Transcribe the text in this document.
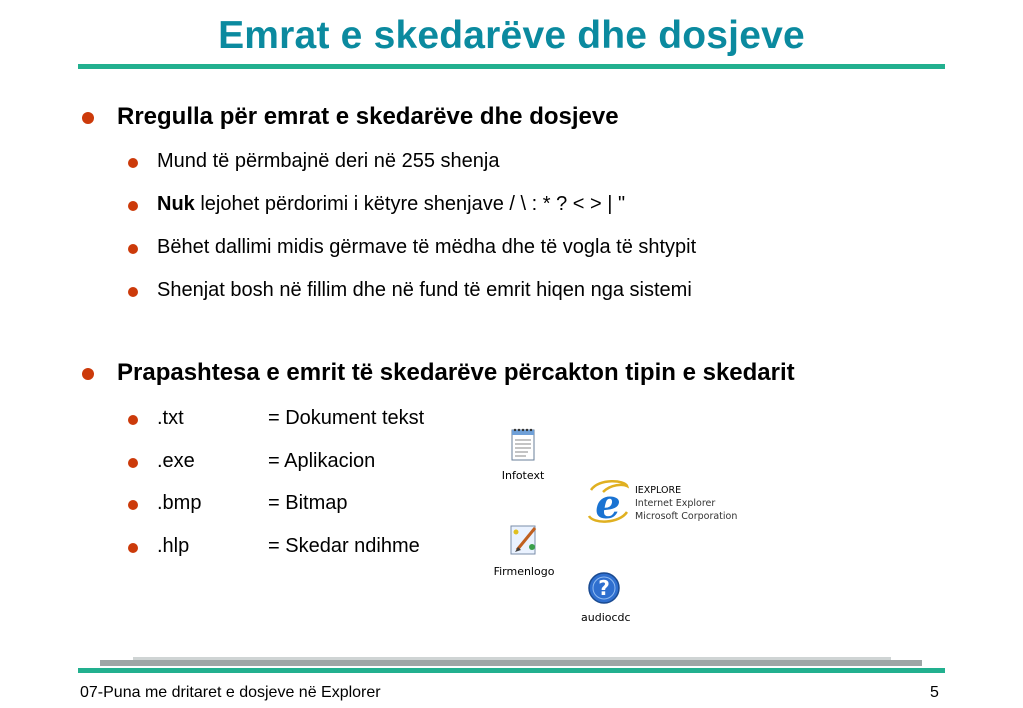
Emrat e skedarëve dhe dosjeve
Rregulla për emrat e skedarëve dhe dosjeve
Mund të përmbajnë deri në 255 shenja
Nuk lejohet përdorimi i këtyre shenjave / \ : * ? < > | "
Bëhet dallimi midis gërmave të mëdha dhe të vogla të shtypit
Shenjat bosh në fillim dhe në fund të emrit hiqen nga sistemi
Prapashtesa e emrit të skedarëve përcakton tipin e skedarit
.txt	= Dokument tekst
.exe	= Aplikacion
.bmp	= Bitmap
.hlp	= Skedar ndihme
Infotext
Firmenlogo
?
audiocdc
e IEXPLORE
Internet Explorer
Microsoft Corporation
07-Puna me dritaret e dosjeve në Explorer	5
